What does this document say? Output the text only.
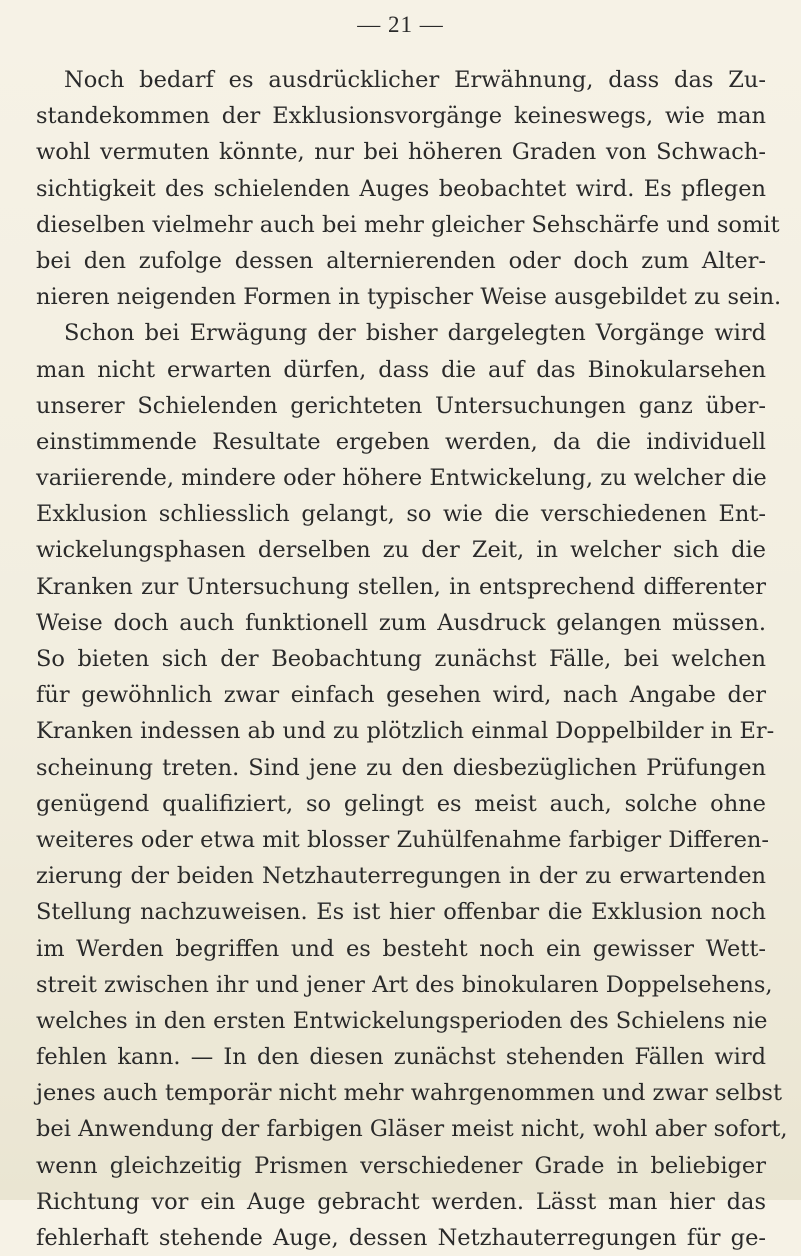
— 21 —
Noch bedarf es ausdrücklicher Erwähnung, dass das Zu-
standekommen der Exklusionsvorgänge keineswegs, wie man
wohl vermuten könnte, nur bei höheren Graden von Schwach-
sichtigkeit des schielenden Auges beobachtet wird. Es pflegen
dieselben vielmehr auch bei mehr gleicher Sehschärfe und somit
bei den zufolge dessen alternierenden oder doch zum Alter-
nieren neigenden Formen in typischer Weise ausgebildet zu sein.
Schon bei Erwägung der bisher dargelegten Vorgänge wird
man nicht erwarten dürfen, dass die auf das Binokularsehen
unserer Schielenden gerichteten Untersuchungen ganz über-
einstimmende Resultate ergeben werden, da die individuell
variierende, mindere oder höhere Entwickelung, zu welcher die
Exklusion schliesslich gelangt, so wie die verschiedenen Ent-
wickelungsphasen derselben zu der Zeit, in welcher sich die
Kranken zur Untersuchung stellen, in entsprechend differenter
Weise doch auch funktionell zum Ausdruck gelangen müssen.
So bieten sich der Beobachtung zunächst Fälle, bei welchen
für gewöhnlich zwar einfach gesehen wird, nach Angabe der
Kranken indessen ab und zu plötzlich einmal Doppelbilder in Er-
scheinung treten. Sind jene zu den diesbezüglichen Prüfungen
genügend qualifiziert, so gelingt es meist auch, solche ohne
weiteres oder etwa mit blosser Zuhülfenahme farbiger Differen-
zierung der beiden Netzhauterregungen in der zu erwartenden
Stellung nachzuweisen. Es ist hier offenbar die Exklusion noch
im Werden begriffen und es besteht noch ein gewisser Wett-
streit zwischen ihr und jener Art des binokularen Doppelsehens,
welches in den ersten Entwickelungsperioden des Schielens nie
fehlen kann. — In den diesen zunächst stehenden Fällen wird
jenes auch temporär nicht mehr wahrgenommen und zwar selbst
bei Anwendung der farbigen Gläser meist nicht, wohl aber sofort,
wenn gleichzeitig Prismen verschiedener Grade in beliebiger
Richtung vor ein Auge gebracht werden. Lässt man hier das
fehlerhaft stehende Auge, dessen Netzhauterregungen für ge-
